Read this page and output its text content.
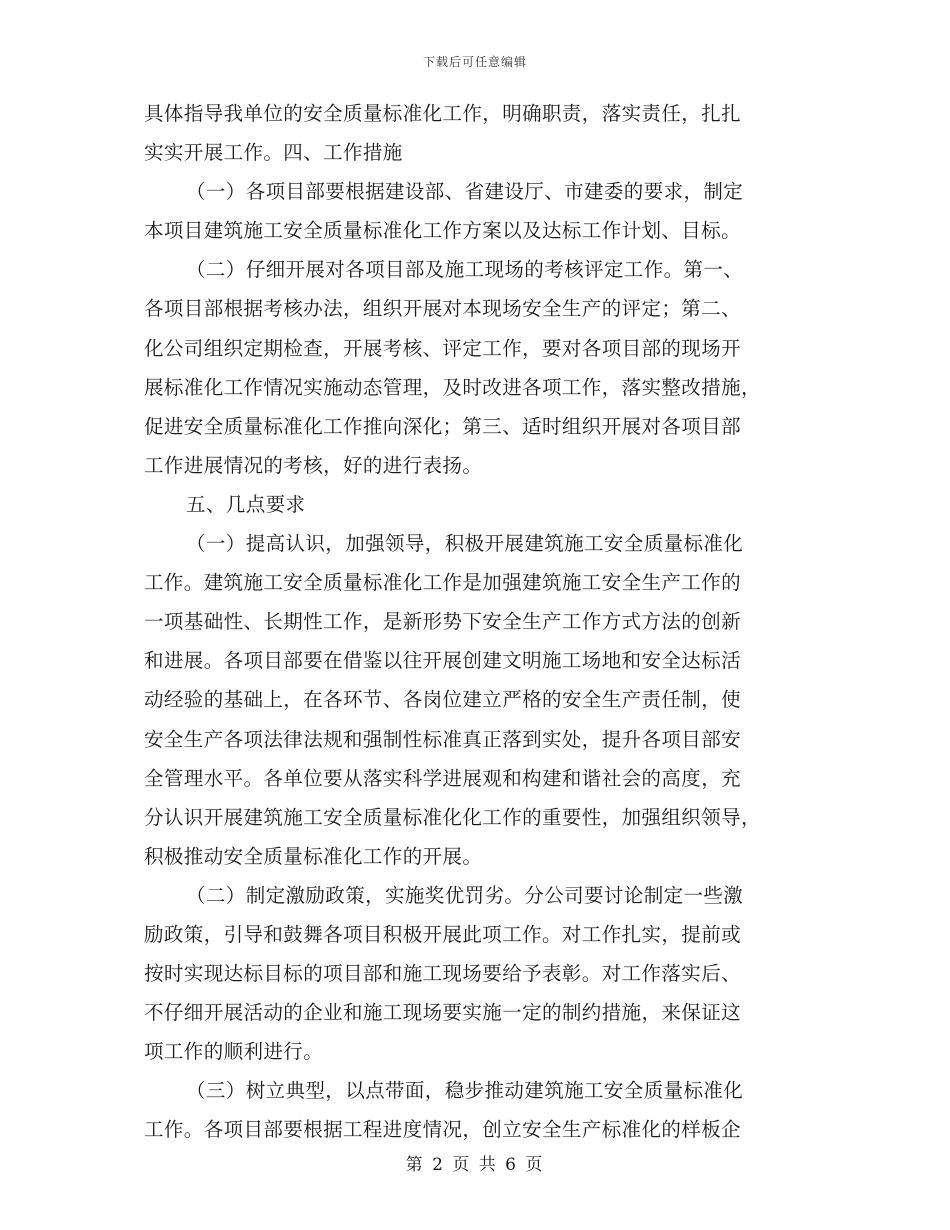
下载后可任意编辑
具体指导我单位的安全质量标准化工作，明确职责，落实责任，扎扎
实实开展工作。四、工作措施
（一）各项目部要根据建设部、省建设厅、市建委的要求，制定
本项目建筑施工安全质量标准化工作方案以及达标工作计划、目标。
（二）仔细开展对各项目部及施工现场的考核评定工作。第一、
各项目部根据考核办法，组织开展对本现场安全生产的评定；第二、
化公司组织定期检查，开展考核、评定工作，要对各项目部的现场开
展标准化工作情况实施动态管理，及时改进各项工作，落实整改措施，
促进安全质量标准化工作推向深化；第三、适时组织开展对各项目部
工作进展情况的考核，好的进行表扬。
五、几点要求
（一）提高认识，加强领导，积极开展建筑施工安全质量标准化
工作。建筑施工安全质量标准化工作是加强建筑施工安全生产工作的
一项基础性、长期性工作，是新形势下安全生产工作方式方法的创新
和进展。各项目部要在借鉴以往开展创建文明施工场地和安全达标活
动经验的基础上，在各环节、各岗位建立严格的安全生产责任制，使
安全生产各项法律法规和强制性标准真正落到实处，提升各项目部安
全管理水平。各单位要从落实科学进展观和构建和谐社会的高度，充
分认识开展建筑施工安全质量标准化化工作的重要性，加强组织领导，
积极推动安全质量标准化工作的开展。
（二）制定激励政策，实施奖优罚劣。分公司要讨论制定一些激
励政策，引导和鼓舞各项目积极开展此项工作。对工作扎实，提前或
按时实现达标目标的项目部和施工现场要给予表彰。对工作落实后、
不仔细开展活动的企业和施工现场要实施一定的制约措施，来保证这
项工作的顺利进行。
（三）树立典型，以点带面，稳步推动建筑施工安全质量标准化
工作。各项目部要根据工程进度情况，创立安全生产标准化的样板企
第 2 页 共 6 页
